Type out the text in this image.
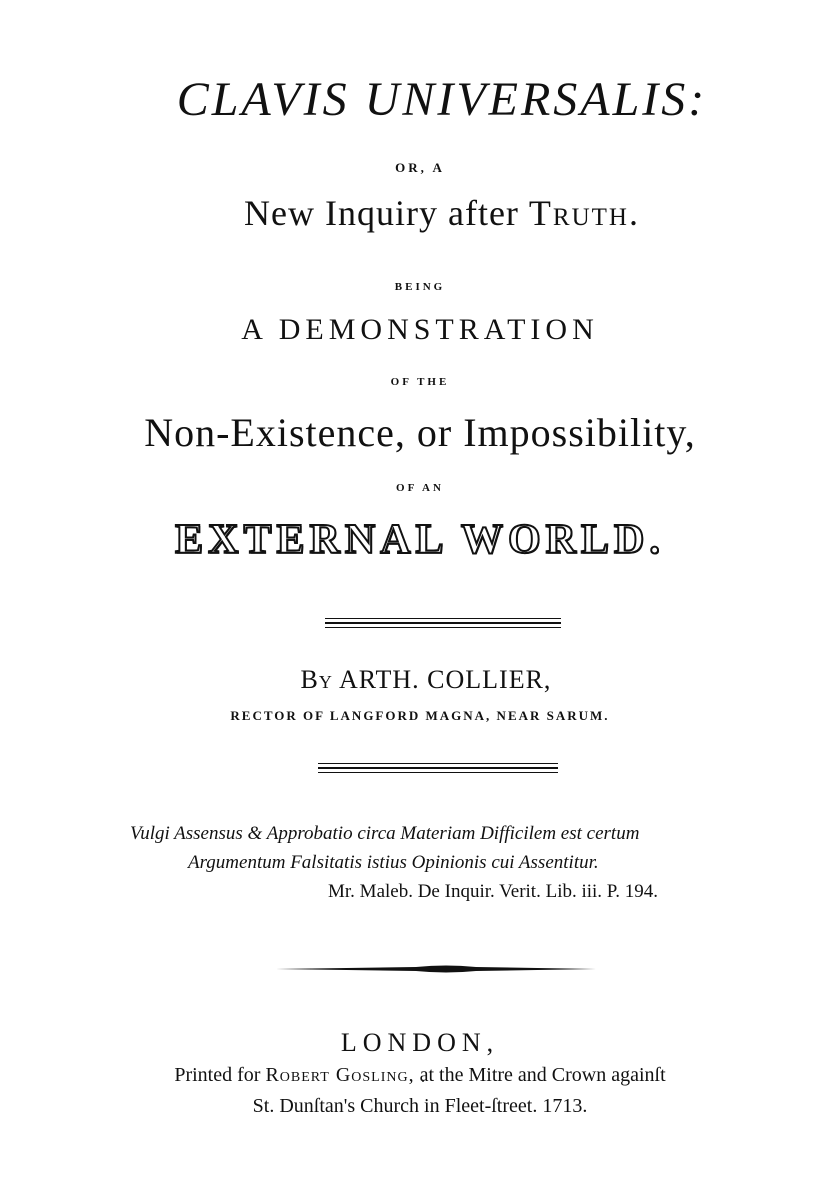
CLAVIS UNIVERSALIS:
OR, A
New Inquiry after Truth.
BEING
A DEMONSTRATION
OF THE
Non-Existence, or Impossibility,
OF AN
EXTERNAL WORLD.
By ARTH. COLLIER,
RECTOR OF LANGFORD MAGNA, NEAR SARUM.
Vulgi Assensus & Approbatio circa Materiam Difficilem est certum
Argumentum Falsitatis istius Opinionis cui Assentitur.
Mr. Maleb. De Inquir. Verit. Lib. iii. P. 194.
LONDON,
Printed for Robert Gosling, at the Mitre and Crown againſt
St. Dunſtan's Church in Fleet-ſtreet. 1713.
